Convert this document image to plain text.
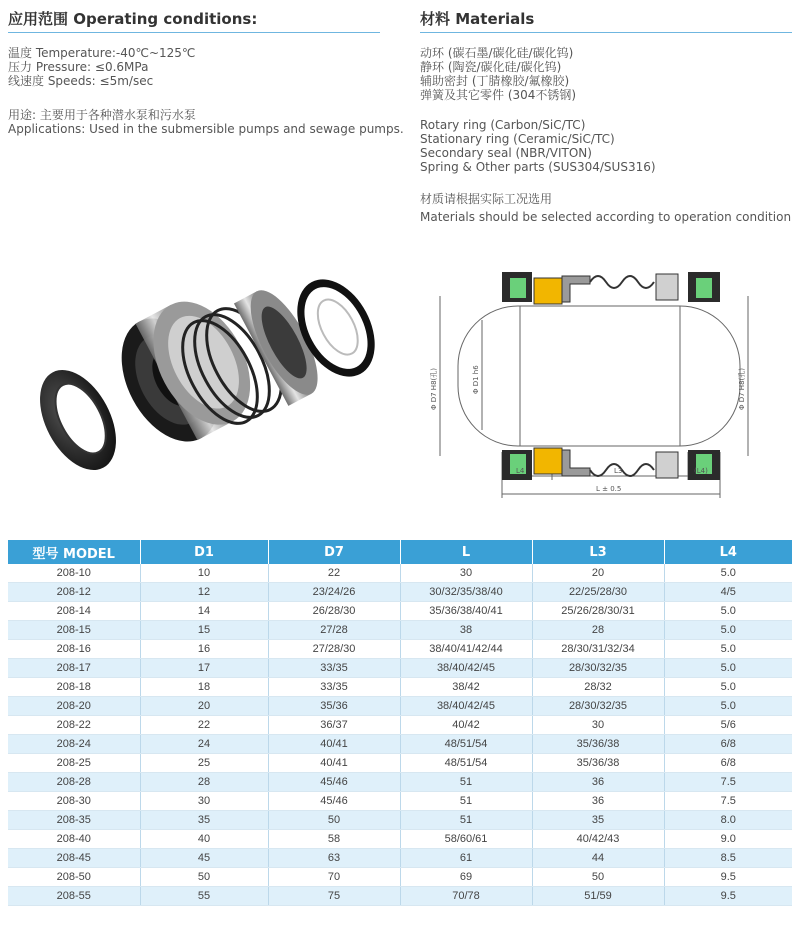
应用范围 Operating conditions:
温度 Temperature:-40℃~125℃
压力 Pressure: ≤0.6MPa
线速度 Speeds: ≤5m/sec
用途: 主要用于各种潜水泵和污水泵
Applications: Used in the submersible pumps and sewage pumps.
材料 Materials
动环 (碳石墨/碳化硅/碳化钨)
静环 (陶瓷/碳化硅/碳化钨)
辅助密封 (丁腈橡胶/氟橡胶)
弹簧及其它零件 (304不锈钢)
Rotary ring (Carbon/SiC/TC)
Stationary ring (Ceramic/SiC/TC)
Secondary seal (NBR/VITON)
Spring & Other parts (SUS304/SUS316)
材质请根据实际工况选用
Materials should be selected according to operation condition
Φ D7 H8(孔)	Φ D1 h6	Φ D7 H8(孔)
L4	L3	(L4)
L ± 0.5
型号 MODEL	D1	D7	L	L3	L4
208-10	10	22	30	20	5.0
208-12	12	23/24/26	30/32/35/38/40	22/25/28/30	4/5
208-14	14	26/28/30	35/36/38/40/41	25/26/28/30/31	5.0
208-15	15	27/28	38	28	5.0
208-16	16	27/28/30	38/40/41/42/44	28/30/31/32/34	5.0
208-17	17	33/35	38/40/42/45	28/30/32/35	5.0
208-18	18	33/35	38/42	28/32	5.0
208-20	20	35/36	38/40/42/45	28/30/32/35	5.0
208-22	22	36/37	40/42	30	5/6
208-24	24	40/41	48/51/54	35/36/38	6/8
208-25	25	40/41	48/51/54	35/36/38	6/8
208-28	28	45/46	51	36	7.5
208-30	30	45/46	51	36	7.5
208-35	35	50	51	35	8.0
208-40	40	58	58/60/61	40/42/43	9.0
208-45	45	63	61	44	8.5
208-50	50	70	69	50	9.5
208-55	55	75	70/78	51/59	9.5
